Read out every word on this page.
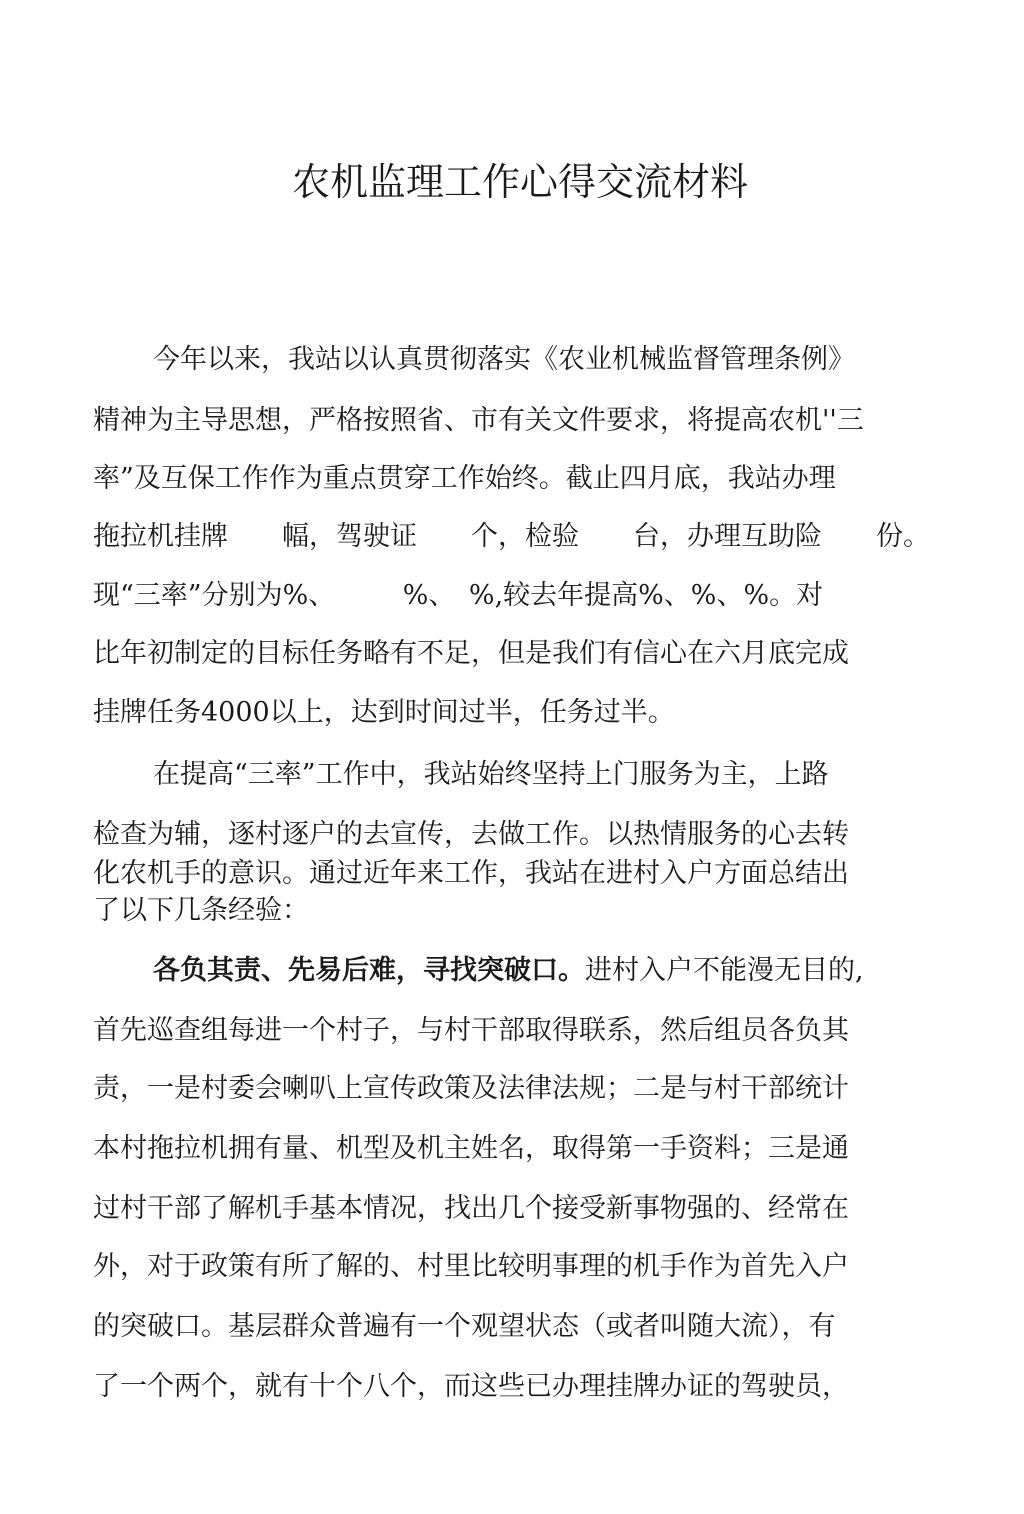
农机监理工作心得交流材料

今年以来，我站以认真贯彻落实《农业机械监督管理条例》

精神为主导思想，严格按照省、市有关文件要求，将提高农机''三

率”及互保工作作为重点贯穿工作始终。截止四月底，我站办理

拖拉机挂牌　　幅，驾驶证　　个，检验　　台，办理互助险　　份。

现“三率”分别为%、　　　%、　%,较去年提高%、%、%。对

比年初制定的目标任务略有不足，但是我们有信心在六月底完成

挂牌任务4000以上，达到时间过半，任务过半。

在提高“三率”工作中，我站始终坚持上门服务为主，上路

检查为辅，逐村逐户的去宣传，去做工作。以热情服务的心去转

化农机手的意识。通过近年来工作，我站在进村入户方面总结出

了以下几条经验：

各负其责、先易后难，寻找突破口。进村入户不能漫无目的,

首先巡查组每进一个村子，与村干部取得联系，然后组员各负其

责，一是村委会喇叭上宣传政策及法律法规；二是与村干部统计

本村拖拉机拥有量、机型及机主姓名，取得第一手资料；三是通

过村干部了解机手基本情况，找出几个接受新事物强的、经常在

外，对于政策有所了解的、村里比较明事理的机手作为首先入户

的突破口。基层群众普遍有一个观望状态（或者叫随大流），有

了一个两个，就有十个八个，而这些已办理挂牌办证的驾驶员，
